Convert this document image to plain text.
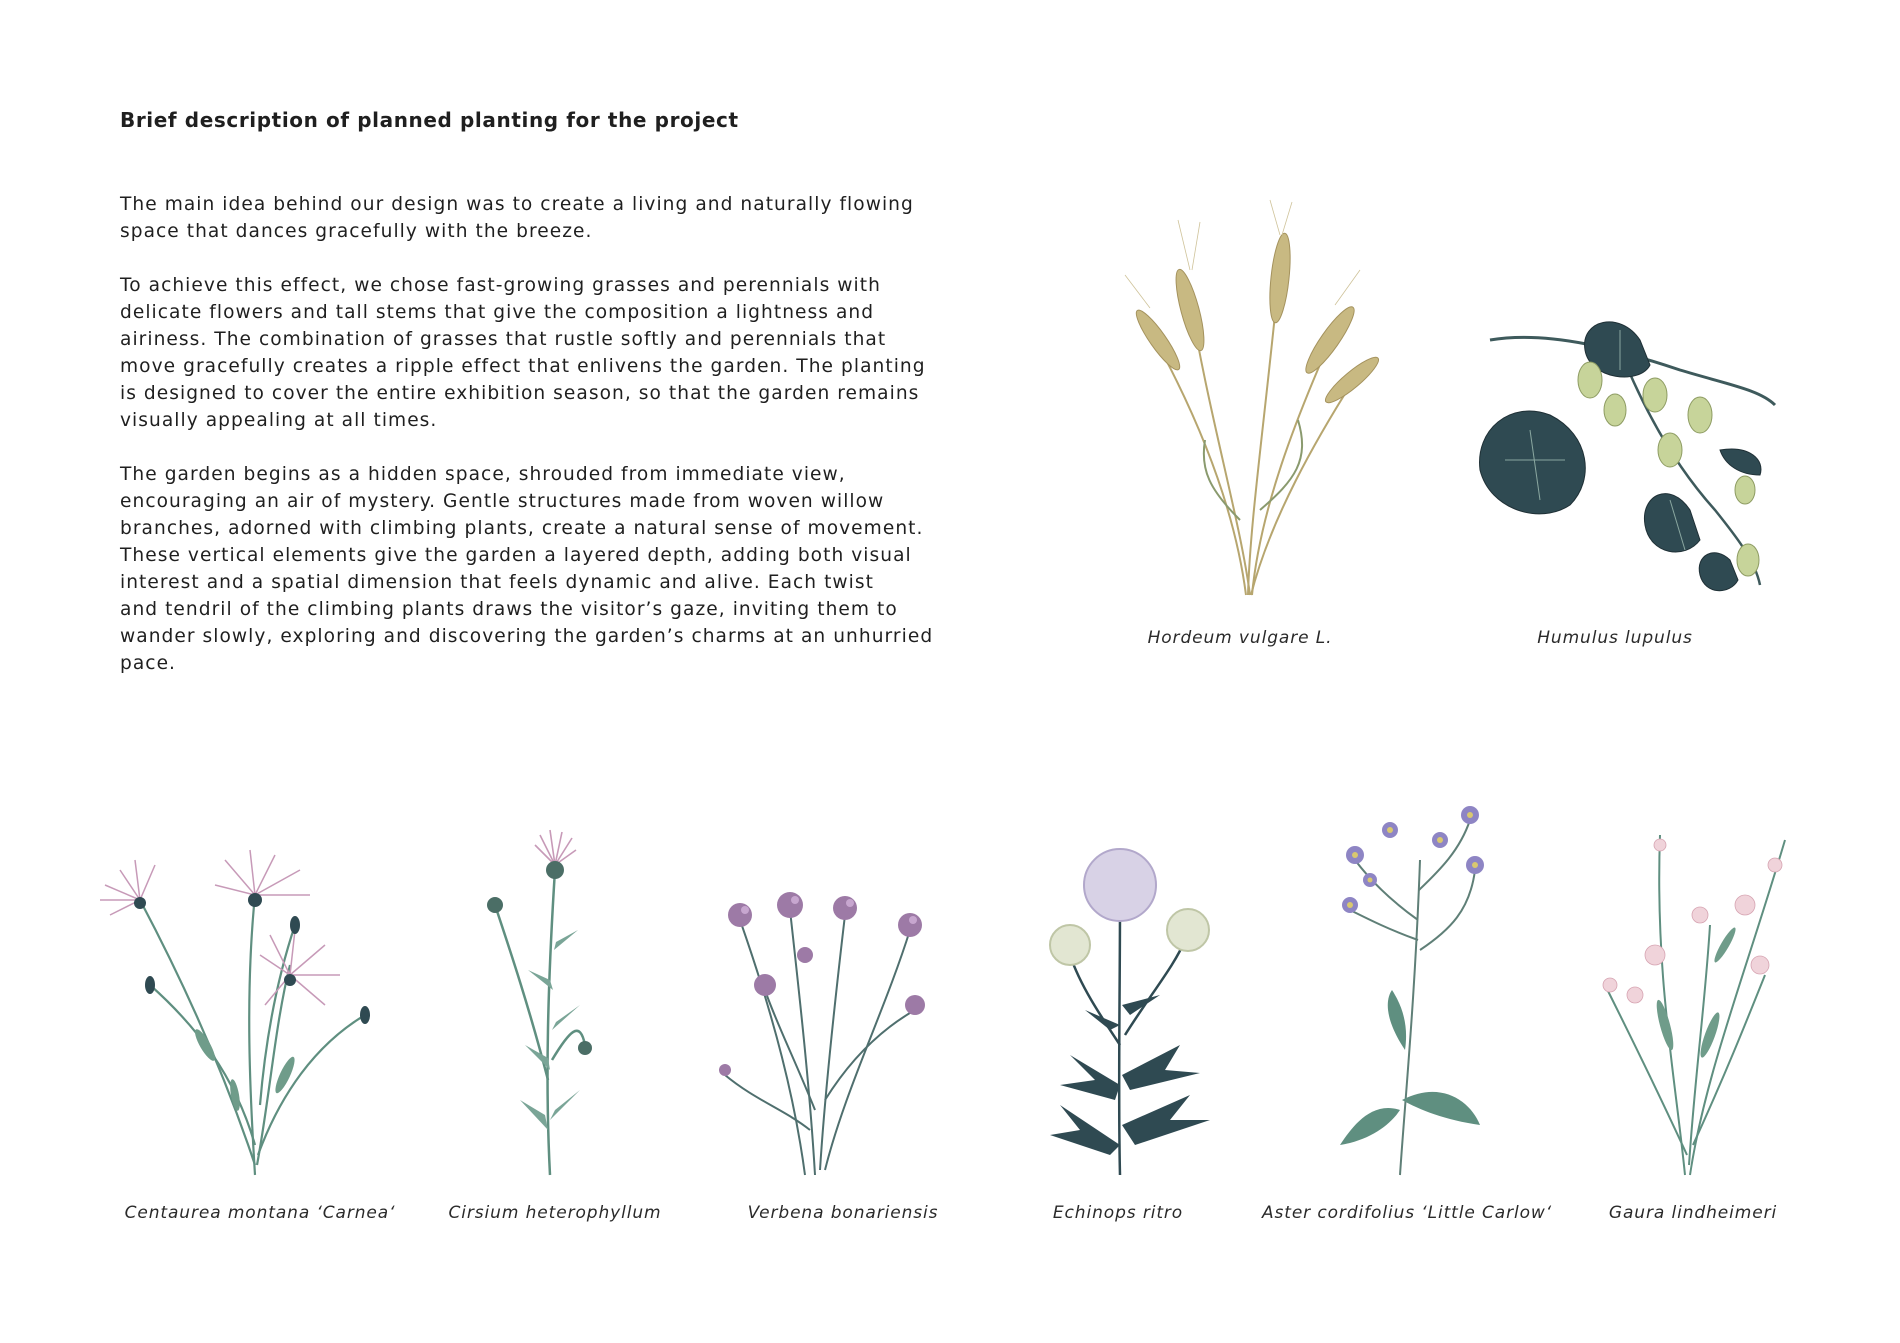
Brief description of planned planting for the project

The main idea behind our design was to create a living and naturally flowing
space that dances gracefully with the breeze.

To achieve this effect, we chose fast-growing grasses and perennials with
delicate flowers and tall stems that give the composition a lightness and
airiness. The combination of grasses that rustle softly and perennials that
move gracefully creates a ripple effect that enlivens the garden. The planting
is designed to cover the entire exhibition season, so that the garden remains
visually appealing at all times.

The garden begins as a hidden space, shrouded from immediate view,
encouraging an air of mystery. Gentle structures made from woven willow
branches, adorned with climbing plants, create a natural sense of movement.
These vertical elements give the garden a layered depth, adding both visual
interest and a spatial dimension that feels dynamic and alive. Each twist
and tendril of the climbing plants draws the visitor’s gaze, inviting them to
wander slowly, exploring and discovering the garden’s charms at an unhurried
pace.

Hordeum vulgare L.	Humulus lupulus
Centaurea montana ‘Carnea‘	Cirsium heterophyllum	Verbena bonariensis	Echinops ritro	Aster cordifolius ‘Little Carlow‘	Gaura lindheimeri
